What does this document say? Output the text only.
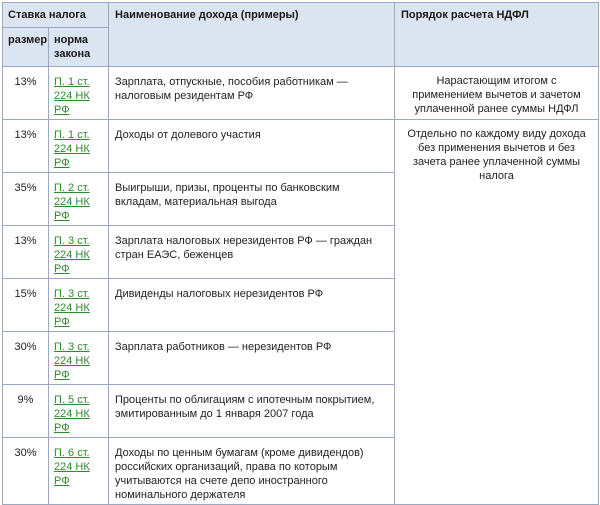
Ставка налога		Наименование дохода (примеры)	Порядок расчета НДФЛ
размер	норма закона		
13%	П. 1 ст. 224 НК РФ	Зарплата, отпускные, пособия работникам — налоговым резидентам РФ	Нарастающим итогом с применением вычетов и зачетом уплаченной ранее суммы НДФЛ

13%	П. 1 ст. 224 НК РФ	Доходы от долевого участия	Отдельно по каждому виду дохода без применения вычетов и без зачета ранее уплаченной суммы налога

35%	П. 2 ст. 224 НК РФ	Выигрыши, призы, проценты по банковским вкладам, материальная выгода	
13%	П. 3 ст. 224 НК РФ	Зарплата налоговых нерезидентов РФ — граждан стран ЕАЭС, беженцев	
15%	П. 3 ст. 224 НК РФ	Дивиденды налоговых нерезидентов РФ	
30%	П. 3 ст. 224 НК РФ	Зарплата работников — нерезидентов РФ	
9%	П. 5 ст. 224 НК РФ	Проценты по облигациям с ипотечным покрытием, эмитированным до 1 января 2007 года	
30%	П. 6 ст. 224 НК РФ	Доходы по ценным бумагам (кроме дивидендов) российских организаций, права по которым учитываются на счете депо иностранного номинального держателя	
